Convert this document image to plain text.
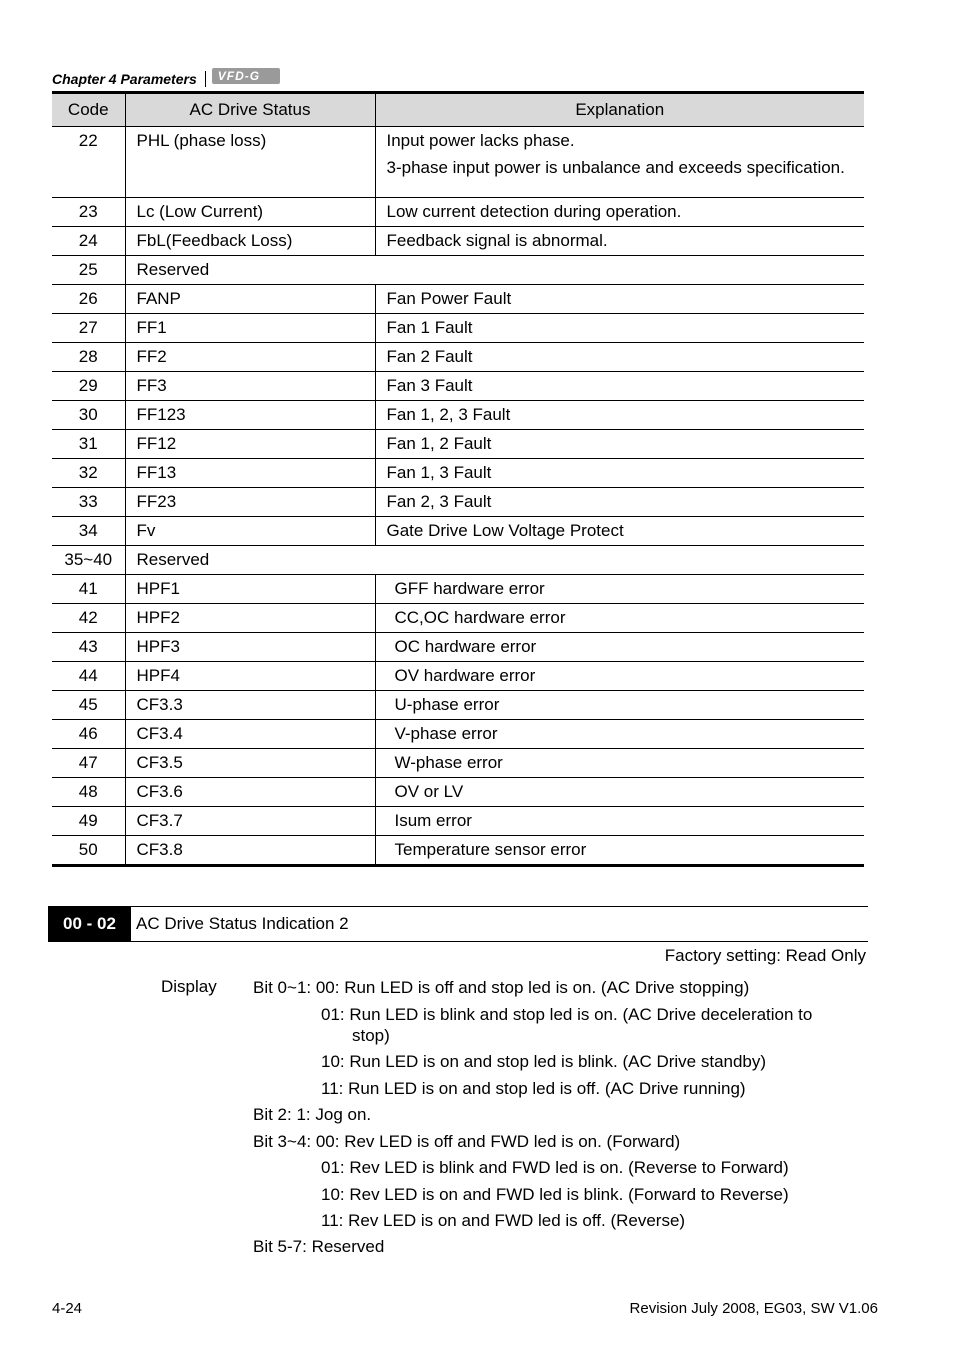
Chapter 4 Parameters VFD-G
Code	AC Drive Status	Explanation
22	PHL (phase loss)	Input power lacks phase.
3-phase input power is unbalance and exceeds specification.

23	Lc (Low Current)	Low current detection during operation.
24	FbL(Feedback Loss)	Feedback signal is abnormal.
25	Reserved	
26	FANP	Fan Power Fault
27	FF1	Fan 1 Fault
28	FF2	Fan 2 Fault
29	FF3	Fan 3 Fault
30	FF123	Fan 1, 2, 3 Fault
31	FF12	Fan 1, 2 Fault
32	FF13	Fan 1, 3 Fault
33	FF23	Fan 2, 3 Fault
34	Fv	Gate Drive Low Voltage Protect
35~40	Reserved	
41	HPF1	GFF hardware error
42	HPF2	CC,OC hardware error
43	HPF3	OC hardware error
44	HPF4	OV hardware error
45	CF3.3	U-phase error
46	CF3.4	V-phase error
47	CF3.5	W-phase error
48	CF3.6	OV or LV
49	CF3.7	Isum error
50	CF3.8	Temperature sensor error
00 - 02	AC Drive Status Indication 2
Factory setting: Read Only
Display Bit 0~1: 00: Run LED is off and stop led is on. (AC Drive stopping)
01: Run LED is blink and stop led is on. (AC Drive deceleration to
stop)
10: Run LED is on and stop led is blink. (AC Drive standby)
11: Run LED is on and stop led is off. (AC Drive running)
Bit 2: 1: Jog on.
Bit 3~4: 00: Rev LED is off and FWD led is on. (Forward)
01: Rev LED is blink and FWD led is on. (Reverse to Forward)
10: Rev LED is on and FWD led is blink. (Forward to Reverse)
11: Rev LED is on and FWD led is off. (Reverse)
Bit 5-7: Reserved
4-24	Revision July 2008, EG03, SW V1.06
